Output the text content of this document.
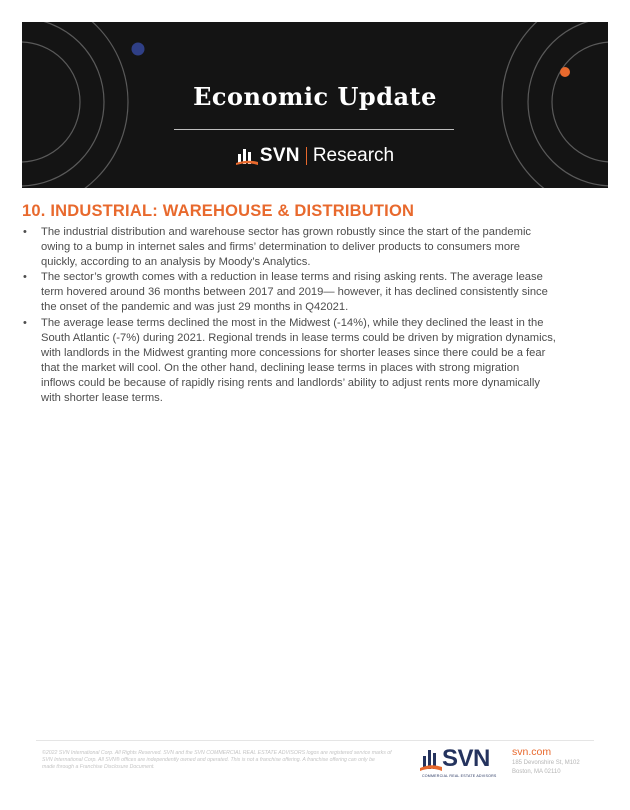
Economic Update
SVN Research
10. INDUSTRIAL: WAREHOUSE & DISTRIBUTION
• The industrial distribution and warehouse sector has grown robustly since the start of the pandemic
owing to a bump in internet sales and firms’ determination to deliver products to consumers more
quickly, according to an analysis by Moody’s Analytics.
• The sector’s growth comes with a reduction in lease terms and rising asking rents. The average lease
term hovered around 36 months between 2017 and 2019— however, it has declined consistently since
the onset of the pandemic and was just 29 months in Q42021.
• The average lease terms declined the most in the Midwest (-14%), while they declined the least in the
South Atlantic (-7%) during 2021. Regional trends in lease terms could be driven by migration dynamics,
with landlords in the Midwest granting more concessions for shorter leases since there could be a fear
that the market will cool. On the other hand, declining lease terms in places with strong migration
inflows could be because of rapidly rising rents and landlords’ ability to adjust rents more dynamically
with shorter lease terms.
©2022 SVN International Corp. All Rights Reserved. SVN and the SVN COMMERCIAL REAL ESTATE ADVISORS logos are registered service marks of
SVN International Corp. All SVN® offices are independently owned and operated. This is not a franchise offering. A franchise offering can only be
made through a Franchise Disclosure Document.	SVN
COMMERCIAL REAL ESTATE ADVISORS
svn.com
185 Devonshire St, M102
Boston, MA 02110
